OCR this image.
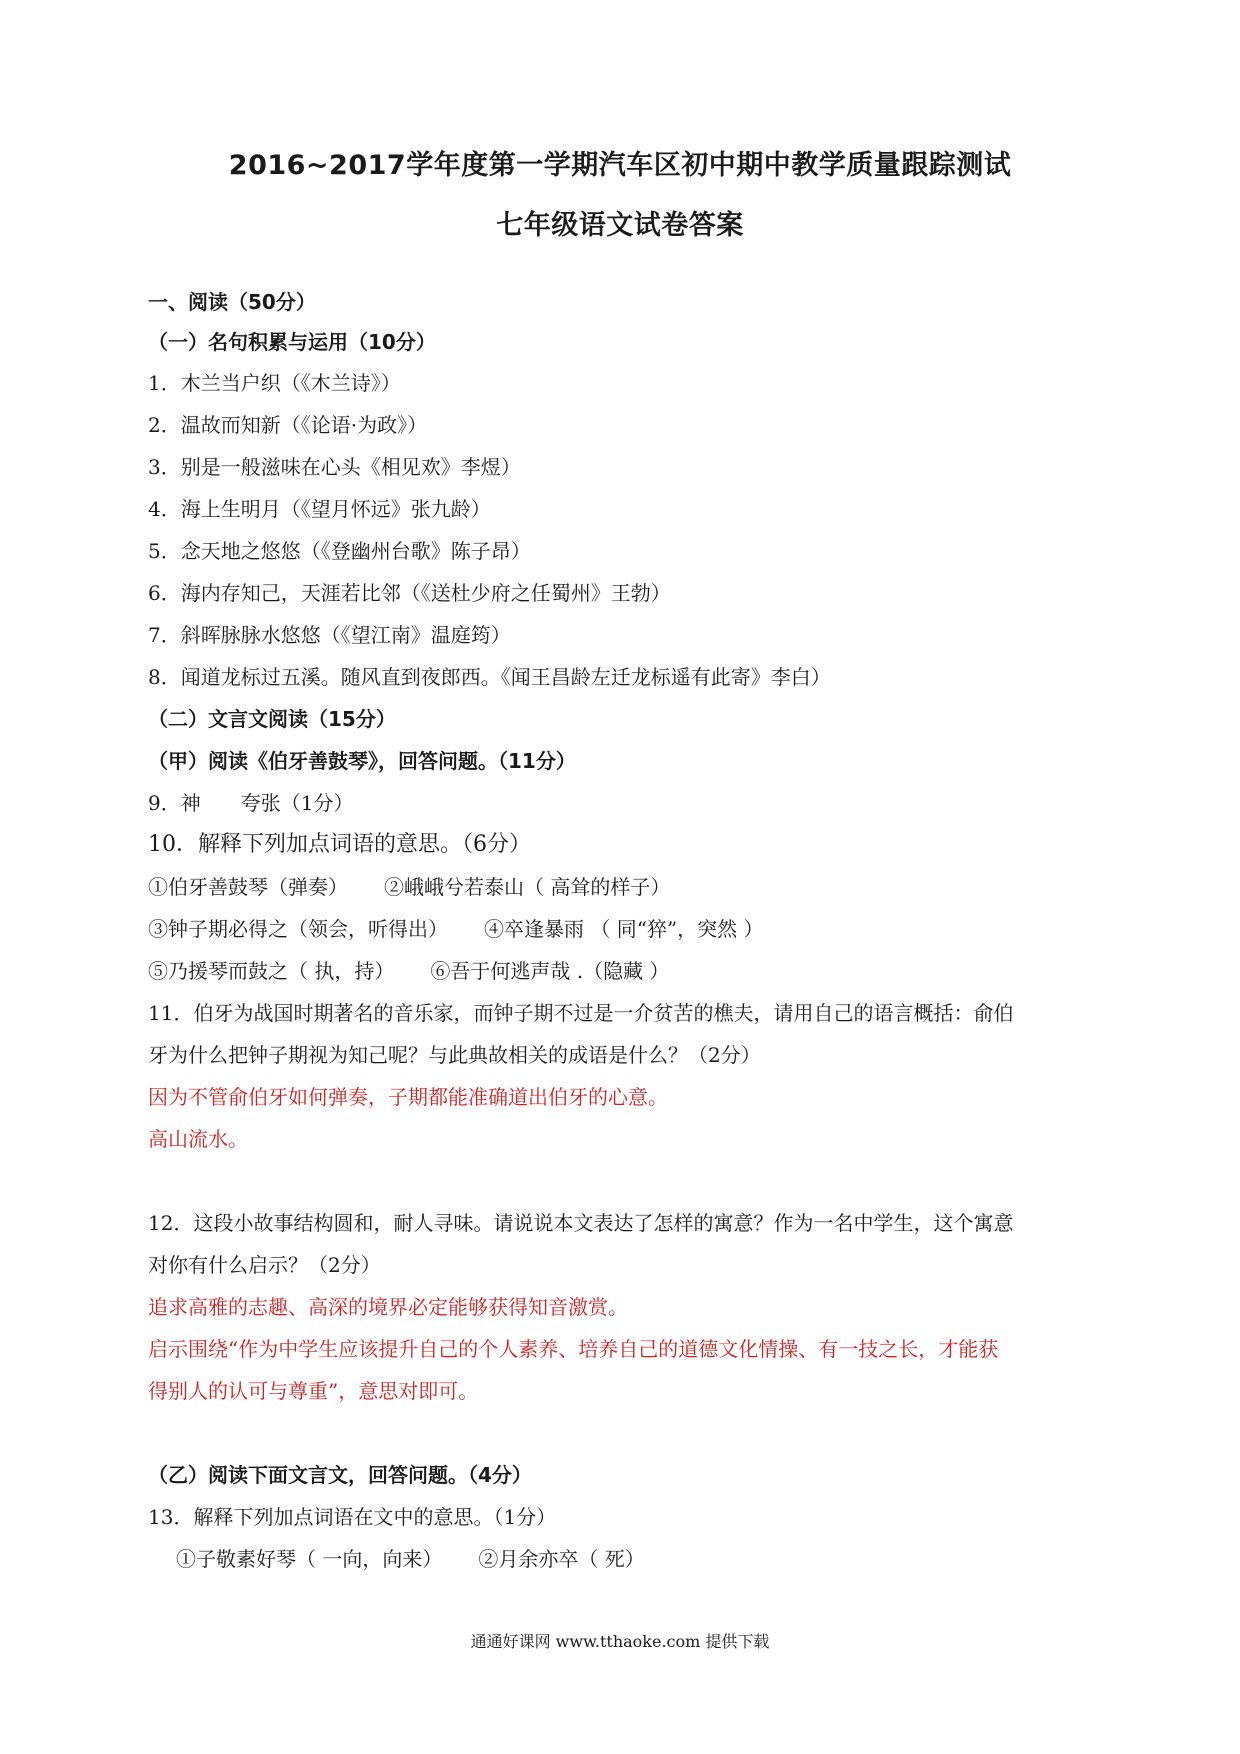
2016~2017学年度第一学期汽车区初中期中教学质量跟踪测试
七年级语文试卷答案
一、阅读（50分）
（一）名句积累与运用（10分）
1．木兰当户织（《木兰诗》）
2．温故而知新（《论语·为政》）
3．别是一般滋味在心头《相见欢》李煜）
4．海上生明月（《望月怀远》张九龄）
5．念天地之悠悠（《登幽州台歌》陈子昂）
6．海内存知己，天涯若比邻（《送杜少府之任蜀州》王勃）
7．斜晖脉脉水悠悠（《望江南》温庭筠）
8．闻道龙标过五溪。随风直到夜郎西。《闻王昌龄左迁龙标遥有此寄》李白）
（二）文言文阅读（15分）
（甲）阅读《伯牙善鼓琴》，回答问题。（11分）
9．神　　夸张（1分）
10．解释下列加点词语的意思。（6分）
①伯牙善鼓琴（弹奏） ②峨峨兮若泰山（ 高耸的样子）
③钟子期必得之（领会，听得出） ④卒逢暴雨 （ 同“猝”，突然 ）
⑤乃援琴而鼓之（ 执，持） ⑥吾于何逃声哉 .（隐藏 ）
11．伯牙为战国时期著名的音乐家，而钟子期不过是一介贫苦的樵夫，请用自己的语言概括：俞伯
牙为什么把钟子期视为知己呢？与此典故相关的成语是什么？（2分）
因为不管俞伯牙如何弹奏，子期都能准确道出伯牙的心意。
高山流水。
12．这段小故事结构圆和，耐人寻味。请说说本文表达了怎样的寓意？作为一名中学生，这个寓意
对你有什么启示？（2分）
追求高雅的志趣、高深的境界必定能够获得知音激赏。
启示围绕“作为中学生应该提升自己的个人素养、培养自己的道德文化情操、有一技之长，才能获
得别人的认可与尊重”，意思对即可。
（乙）阅读下面文言文，回答问题。（4分）
13．解释下列加点词语在文中的意思。（1分）
①子敬素好琴（ 一向，向来） ②月余亦卒（ 死）
通通好课网 www.tthaoke.com 提供下载
